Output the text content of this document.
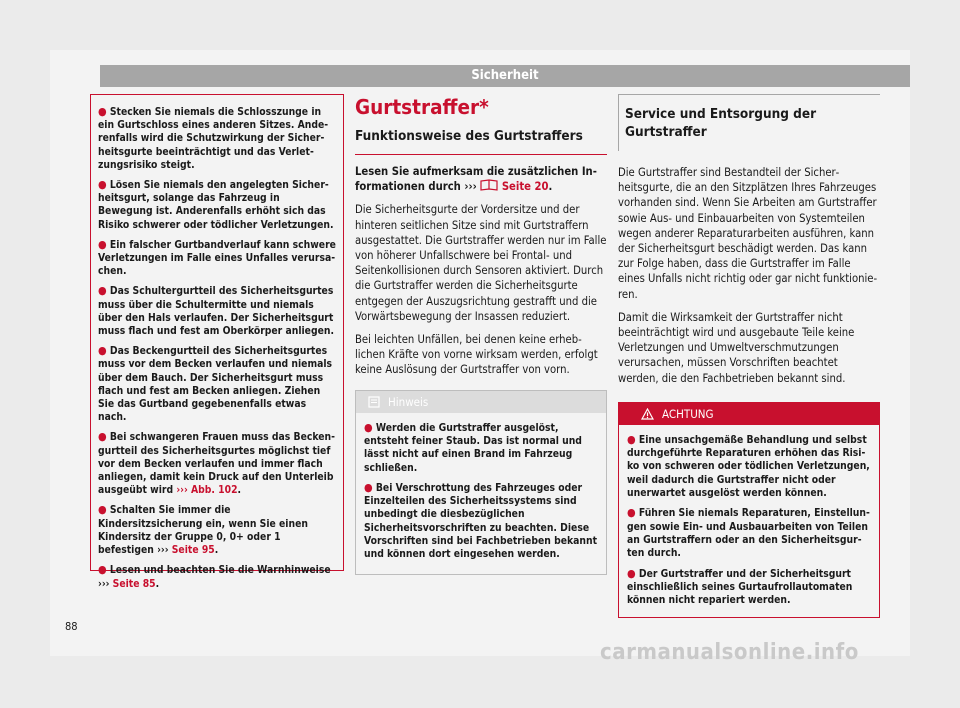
Sicherheit

● Stecken Sie niemals die Schlosszunge in ein Gurtschloss eines anderen Sitzes. Anderenfalls wird die Schutzwirkung der Sicherheitsgurte beeinträchtigt und das Verletzungsrisiko steigt.

● Lösen Sie niemals den angelegten Sicherheitsgurt, solange das Fahrzeug in Bewegung ist. Anderenfalls erhöht sich das Risiko schwerer oder tödlicher Verletzungen.

● Ein falscher Gurtbandverlauf kann schwere Verletzungen im Falle eines Unfalles verursachen.

● Das Schultergurtteil des Sicherheitsgurtes muss über die Schultermitte und niemals über den Hals verlaufen. Der Sicherheitsgurt muss flach und fest am Oberkörper anliegen.

● Das Beckengurtteil des Sicherheitsgurtes muss vor dem Becken verlaufen und niemals über dem Bauch. Der Sicherheitsgurt muss flach und fest am Becken anliegen. Ziehen Sie das Gurtband gegebenenfalls etwas nach.

● Bei schwangeren Frauen muss das Beckengurtteil des Sicherheitsgurtes möglichst tief vor dem Becken verlaufen und immer flach anliegen, damit kein Druck auf den Unterleib ausgeübt wird ››› Abb. 102.

● Schalten Sie immer die Kindersitzsicherung ein, wenn Sie einen Kindersitz der Gruppe 0, 0+ oder 1 befestigen ››› Seite 95.

● Lesen und beachten Sie die Warnhinweise ››› Seite 85.

Gurtstraffer*
Funktionsweise des Gurtstraffers

Lesen Sie aufmerksam die zusätzlichen Informationen durch ›››  Seite 20.

Die Sicherheitsgurte der Vordersitze und der hinteren seitlichen Sitze sind mit Gurtstraffern ausgestattet. Die Gurtstraffer werden nur im Falle von höherer Unfallschwere bei Frontal- und Seitenkollisionen durch Sensoren aktiviert. Durch die Gurtstraffer werden die Sicherheitsgurte entgegen der Auszugsrichtung gestrafft und die Vorwärtsbewegung der Insassen reduziert.

Bei leichten Unfällen, bei denen keine erheblichen Kräfte von vorne wirksam werden, erfolgt keine Auslösung der Gurtstraffer von vorn.

Hinweis

● Werden die Gurtstraffer ausgelöst, entsteht feiner Staub. Das ist normal und lässt nicht auf einen Brand im Fahrzeug schließen.

● Bei Verschrottung des Fahrzeuges oder Einzelteilen des Sicherheitssystems sind unbedingt die diesbezüglichen Sicherheitsvorschriften zu beachten. Diese Vorschriften sind bei Fachbetrieben bekannt und können dort eingesehen werden.

Service und Entsorgung der Gurtstraffer

Die Gurtstraffer sind Bestandteil der Sicherheitsgurte, die an den Sitzplätzen Ihres Fahrzeuges vorhanden sind. Wenn Sie Arbeiten am Gurtstraffer sowie Aus- und Einbauarbeiten von Systemteilen wegen anderer Reparaturarbeiten ausführen, kann der Sicherheitsgurt beschädigt werden. Das kann zur Folge haben, dass die Gurtstraffer im Falle eines Unfalls nicht richtig oder gar nicht funktionieren.

Damit die Wirksamkeit der Gurtstraffer nicht beeinträchtigt wird und ausgebaute Teile keine Verletzungen und Umweltverschmutzungen verursachen, müssen Vorschriften beachtet werden, die den Fachbetrieben bekannt sind.

ACHTUNG

● Eine unsachgemäße Behandlung und selbst durchgeführte Reparaturen erhöhen das Risiko von schweren oder tödlichen Verletzungen, weil dadurch die Gurtstraffer nicht oder unerwartet ausgelöst werden können.

● Führen Sie niemals Reparaturen, Einstellungen sowie Ein- und Ausbauarbeiten von Teilen an Gurtstraffern oder an den Sicherheitsgurten durch.

● Der Gurtstraffer und der Sicherheitsgurt einschließlich seines Gurtaufrollautomaten können nicht repariert werden.

88
carmanualsonline.info
